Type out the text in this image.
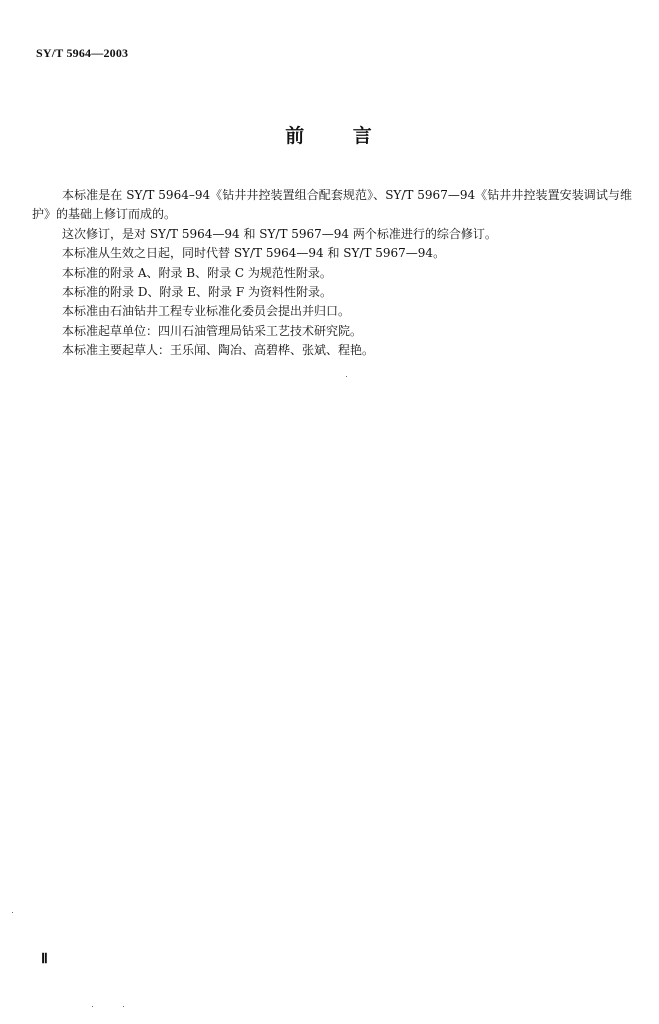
SY/T 5964—2003
前 言

本标准是在 SY/T 5964–94《钻井井控装置组合配套规范》、SY/T 5967—94《钻井井控装置安装调试与维护》的基础上修订而成的。

这次修订，是对 SY/T 5964—94 和 SY/T 5967—94 两个标准进行的综合修订。

本标准从生效之日起，同时代替 SY/T 5964—94 和 SY/T 5967—94。

本标准的附录 A、附录 B、附录 C 为规范性附录。

本标准的附录 D、附录 E、附录 F 为资料性附录。

本标准由石油钻井工程专业标准化委员会提出并归口。

本标准起草单位：四川石油管理局钻采工艺技术研究院。

本标准主要起草人：王乐闻、陶冶、高碧桦、张斌、程艳。

Ⅱ
